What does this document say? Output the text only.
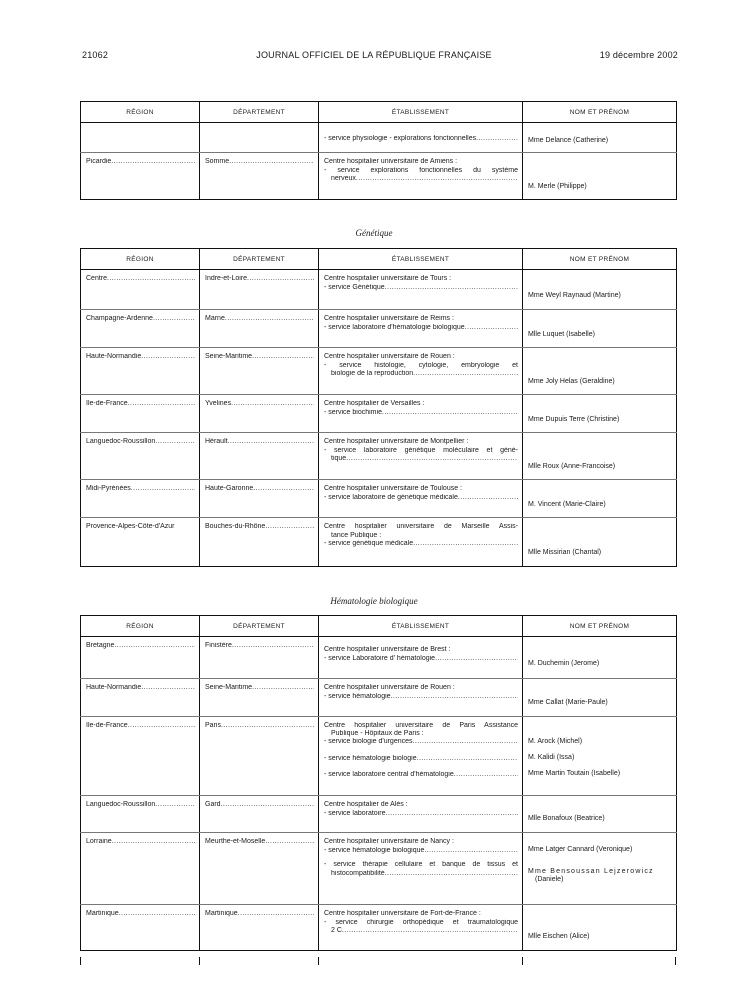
21062	JOURNAL OFFICIEL DE LA RÉPUBLIQUE FRANÇAISE	19 décembre 2002
RÉGION	DÉPARTEMENT	ÉTABLISSEMENT	NOM ET PRÉNOM

- service physiologie - explorations fonctionnelles .....	Mme Delance (Catherine)

Picardie .....	Somme .....	Centre hospitalier universitaire de Amiens :
- service explorations fonctionnelles du système
nerveux .....	M. Merle (Philippe)
Génétique
RÉGION	DÉPARTEMENT	ÉTABLISSEMENT	NOM ET PRÉNOM

Centre .....	Indre-et-Loire .....	Centre hospitalier universitaire de Tours :
- service Génétique .....	Mme Weyl Raynaud (Martine)

Champagne-Ardenne .....	Marne .....	Centre hospitalier universitaire de Reims :
- service laboratoire d'hématologie biologique .....	Mlle Luquet (Isabelle)

Haute-Normandie .....	Seine-Maritime .....	Centre hospitalier universitaire de Rouen :
- service histologie, cytologie, embryologie et
biologie de la reproduction .....	Mme Joly Helas (Geraldine)

Ile-de-France .....	Yvelines .....	Centre hospitalier de Versailles :
- service biochimie .....	Mme Dupuis Terre (Christine)

Languedoc-Roussillon .....	Hérault .....	Centre hospitalier universitaire de Montpellier :
- service laboratoire génétique moléculaire et géné-
tique .....	Mlle Roux (Anne-Francoise)

Midi-Pyrénées .....	Haute-Garonne .....	Centre hospitalier universitaire de Toulouse :
- service laboratoire de génétique médicale .....	M. Vincent (Marie-Claire)

Provence-Alpes-Côte-d'Azur	Bouches-du-Rhône .....	Centre hospitalier universitaire de Marseille Assis-
tance Publique :
- service génétique médicale .....	Mlle Missirian (Chantal)
Hématologie biologique
RÉGION	DÉPARTEMENT	ÉTABLISSEMENT	NOM ET PRÉNOM

Bretagne .....	Finistère .....	Centre hospitalier universitaire de Brest :
- service Laboratoire d' hématologie .....	M. Duchemin (Jerome)

Haute-Normandie .....	Seine-Maritime .....	Centre hospitalier universitaire de Rouen :
- service hématologie .....	Mme Callat (Marie-Paule)

Ile-de-France .....	Paris .....	Centre hospitalier universitaire de Paris Assistance
Publique - Hôpitaux de Paris :
- service biologie d'urgences .....
- service hématologie biologie .....
- service laboratoire central d'hématologie .....	M. Arock (Michel)
M. Kalidi (Issa)
Mme Martin Toutain (Isabelle)

Languedoc-Roussillon .....	Gard .....	Centre hospitalier de Alès :
- service laboratoire .....	Mlle Bonafoux (Beatrice)

Lorraine .....	Meurthe-et-Moselle .....	Centre hospitalier universitaire de Nancy :
- service hématologie biologique .....
- service thérapie cellulaire et banque de tissus et
histocompatibilité .....	Mme Latger Cannard (Veronique)
Mme Bensoussan Lejzerowicz
(Daniele)

Martinique .....	Martinique .....	Centre hospitalier universitaire de Fort-de-France :
- service chirurgie orthopédique et traumatologique
2 C .....	Mlle Eischen (Alice)
